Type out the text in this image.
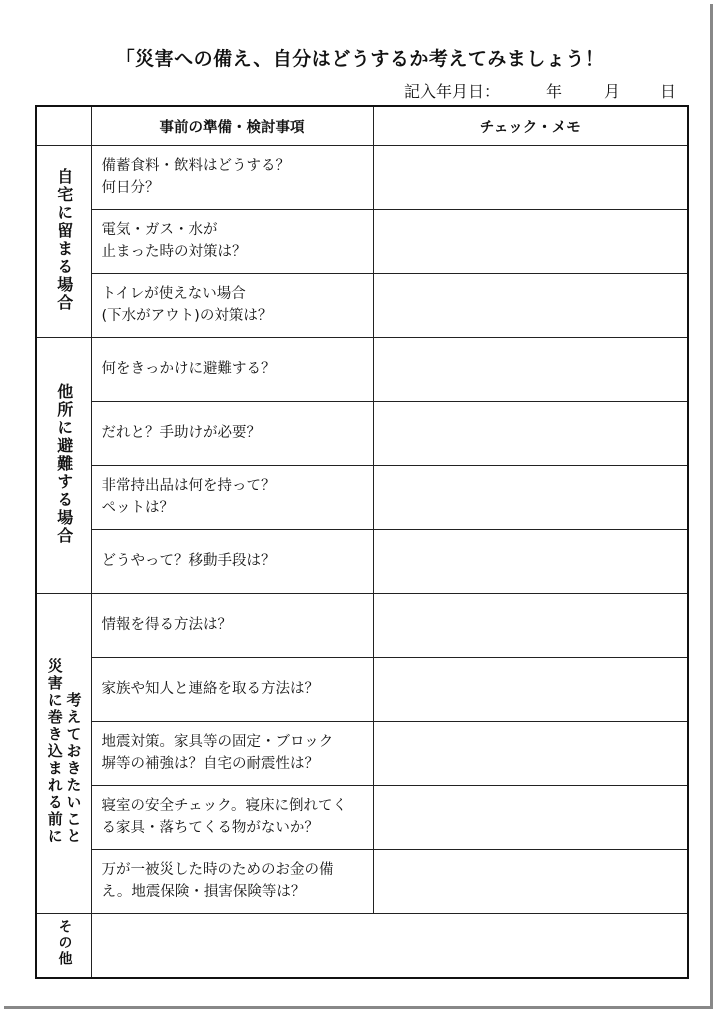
「災害への備え、自分はどうするか考えてみましょう！
記入年月日：	年	月 日
	事前の準備・検討事項	チェック・メモ
自宅に留まる場合	備蓄食料・飲料はどうする？
何日分？	
	電気・ガス・水が
止まった時の対策は？	
	トイレが使えない場合
(下水がアウト)の対策は？	
他所に避難する場合	何をきっかけに避難する？	
	だれと？手助けが必要？	
	非常持出品は何を持って？
ペットは？	
	どうやって？移動手段は？	
災害に巻き込まれる前に考えておきたいこと	情報を得る方法は？	
	家族や知人と連絡を取る方法は？	
	地震対策。家具等の固定・ブロック
塀等の補強は？自宅の耐震性は？	
	寝室の安全チェック。寝床に倒れてく
る家具・落ちてくる物がないか？	
	万が一被災した時のためのお金の備
え。地震保険・損害保険等は？	
その他		
